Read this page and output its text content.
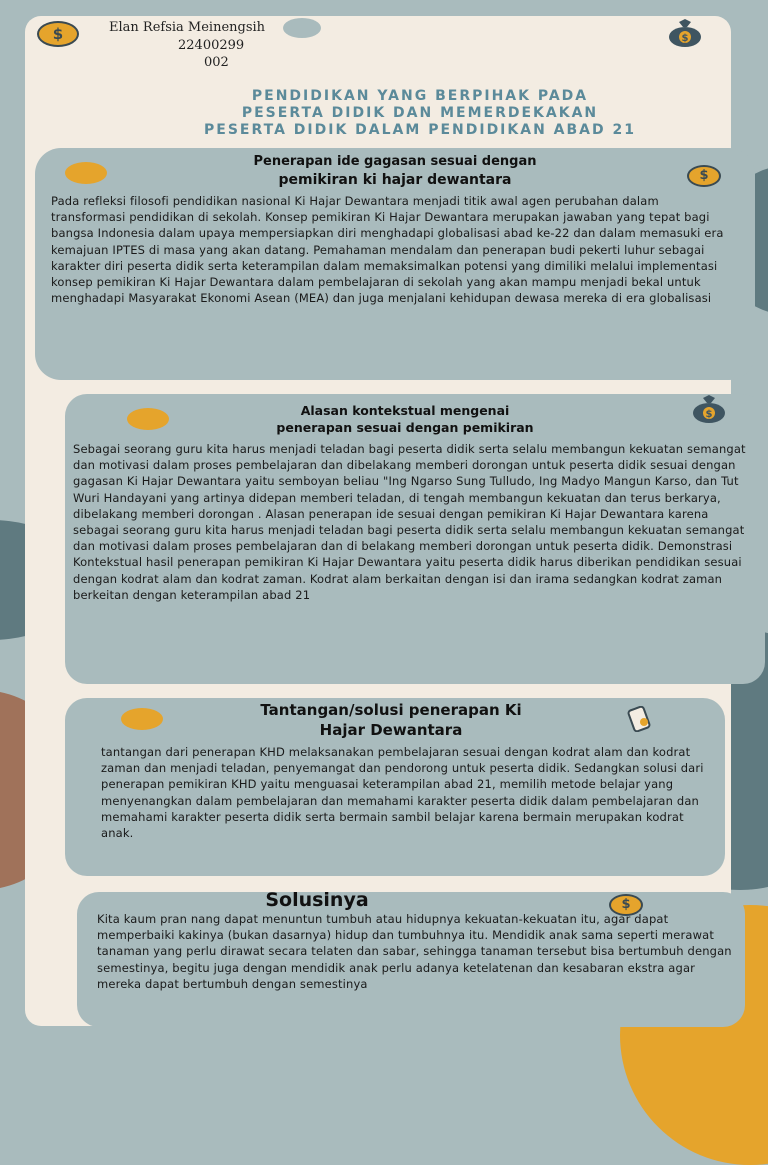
$	$
Elan Refsia Meinengsih
22400299
002
PENDIDIKAN YANG BERPIHAK PADA
PESERTA DIDIK DAN MEMERDEKAKAN
PESERTA DIDIK DALAM PENDIDIKAN ABAD 21
$
Penerapan ide gagasan sesuai dengan
pemikiran ki hajar dewantara

Pada refleksi filosofi pendidikan nasional Ki Hajar Dewantara menjadi titik awal agen perubahan dalam transformasi pendidikan di sekolah. Konsep pemikiran Ki Hajar Dewantara merupakan jawaban yang tepat bagi bangsa Indonesia dalam upaya mempersiapkan diri menghadapi globalisasi abad ke-22 dan dalam memasuki era kemajuan IPTES di masa yang akan datang. Pemahaman mendalam dan penerapan budi pekerti luhur sebagai karakter diri peserta didik serta keterampilan dalam memaksimalkan potensi yang dimiliki melalui implementasi konsep pemikiran Ki Hajar Dewantara dalam pembelajaran di sekolah yang akan mampu menjadi bekal untuk menghadapi Masyarakat Ekonomi Asean (MEA) dan juga menjalani kehidupan dewasa mereka di era globalisasi

$
Alasan kontekstual mengenai
penerapan sesuai dengan pemikiran

Sebagai seorang guru kita harus menjadi teladan bagi peserta didik serta selalu membangun kekuatan semangat dan motivasi dalam proses pembelajaran dan dibelakang memberi dorongan untuk peserta didik sesuai dengan gagasan Ki Hajar Dewantara yaitu semboyan beliau "Ing Ngarso Sung Tulludo, Ing Madyo Mangun Karso, dan Tut Wuri Handayani yang artinya didepan memberi teladan, di tengah membangun kekuatan dan terus berkarya, dibelakang memberi dorongan . Alasan penerapan ide sesuai dengan pemikiran Ki Hajar Dewantara karena sebagai seorang guru kita harus menjadi teladan bagi peserta didik serta selalu membangun kekuatan semangat dan motivasi dalam proses pembelajaran dan di belakang memberi dorongan untuk peserta didik. Demonstrasi Kontekstual hasil penerapan pemikiran Ki Hajar Dewantara yaitu peserta didik harus diberikan pendidikan sesuai dengan kodrat alam dan kodrat zaman. Kodrat alam berkaitan dengan isi dan irama sedangkan kodrat zaman berkeitan dengan keterampilan abad 21

Tantangan/solusi penerapan Ki
Hajar Dewantara

tantangan dari penerapan KHD melaksanakan pembelajaran sesuai dengan kodrat alam dan kodrat zaman dan menjadi teladan, penyemangat dan pendorong untuk peserta didik. Sedangkan solusi dari penerapan pemikiran KHD yaitu menguasai keterampilan abad 21, memilih metode belajar yang menyenangkan dalam pembelajaran dan memahami karakter peserta didik dalam pembelajaran dan memahami karakter peserta didik serta bermain sambil belajar karena bermain merupakan kodrat anak.

$
Solusinya

Kita kaum pran nang dapat menuntun tumbuh atau hidupnya kekuatan-kekuatan itu, agar dapat memperbaiki kakinya (bukan dasarnya) hidup dan tumbuhnya itu. Mendidik anak sama seperti merawat tanaman yang perlu dirawat secara telaten dan sabar, sehingga tanaman tersebut bisa bertumbuh dengan semestinya, begitu juga dengan mendidik anak perlu adanya ketelatenan dan kesabaran ekstra agar mereka dapat bertumbuh dengan semestinya
